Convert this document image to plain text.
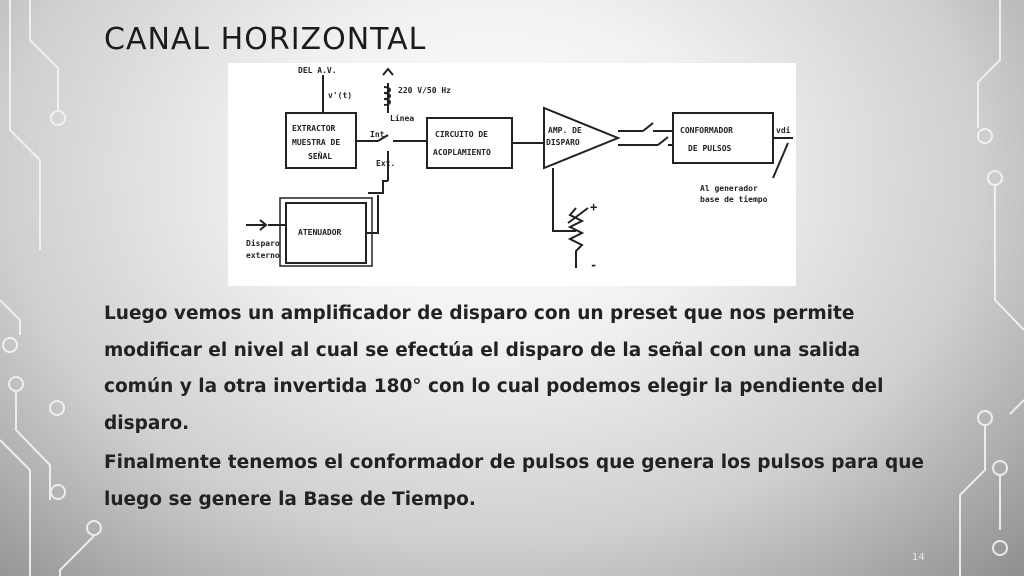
CANAL HORIZONTAL
DEL A.V.
v'(t)
220 V/50 Hz
Línea
EXTRACTOR
MUESTRA DE
SEÑAL
Int.
Ext.
CIRCUITO DE
ACOPLAMIENTO
AMP. DE
DISPARO
CONFORMADOR
DE PULSOS
vdi
Al generador
base de tiempo
ATENUADOR
Disparo
externo
+
-

Luego vemos un amplificador de disparo con un preset que nos permite modificar el nivel al cual se efectúa el disparo de la señal con una salida común y la otra invertida 180° con lo cual podemos elegir la pendiente del disparo.

Finalmente tenemos el conformador de pulsos que genera los pulsos para que luego se genere la Base de Tiempo.

14
